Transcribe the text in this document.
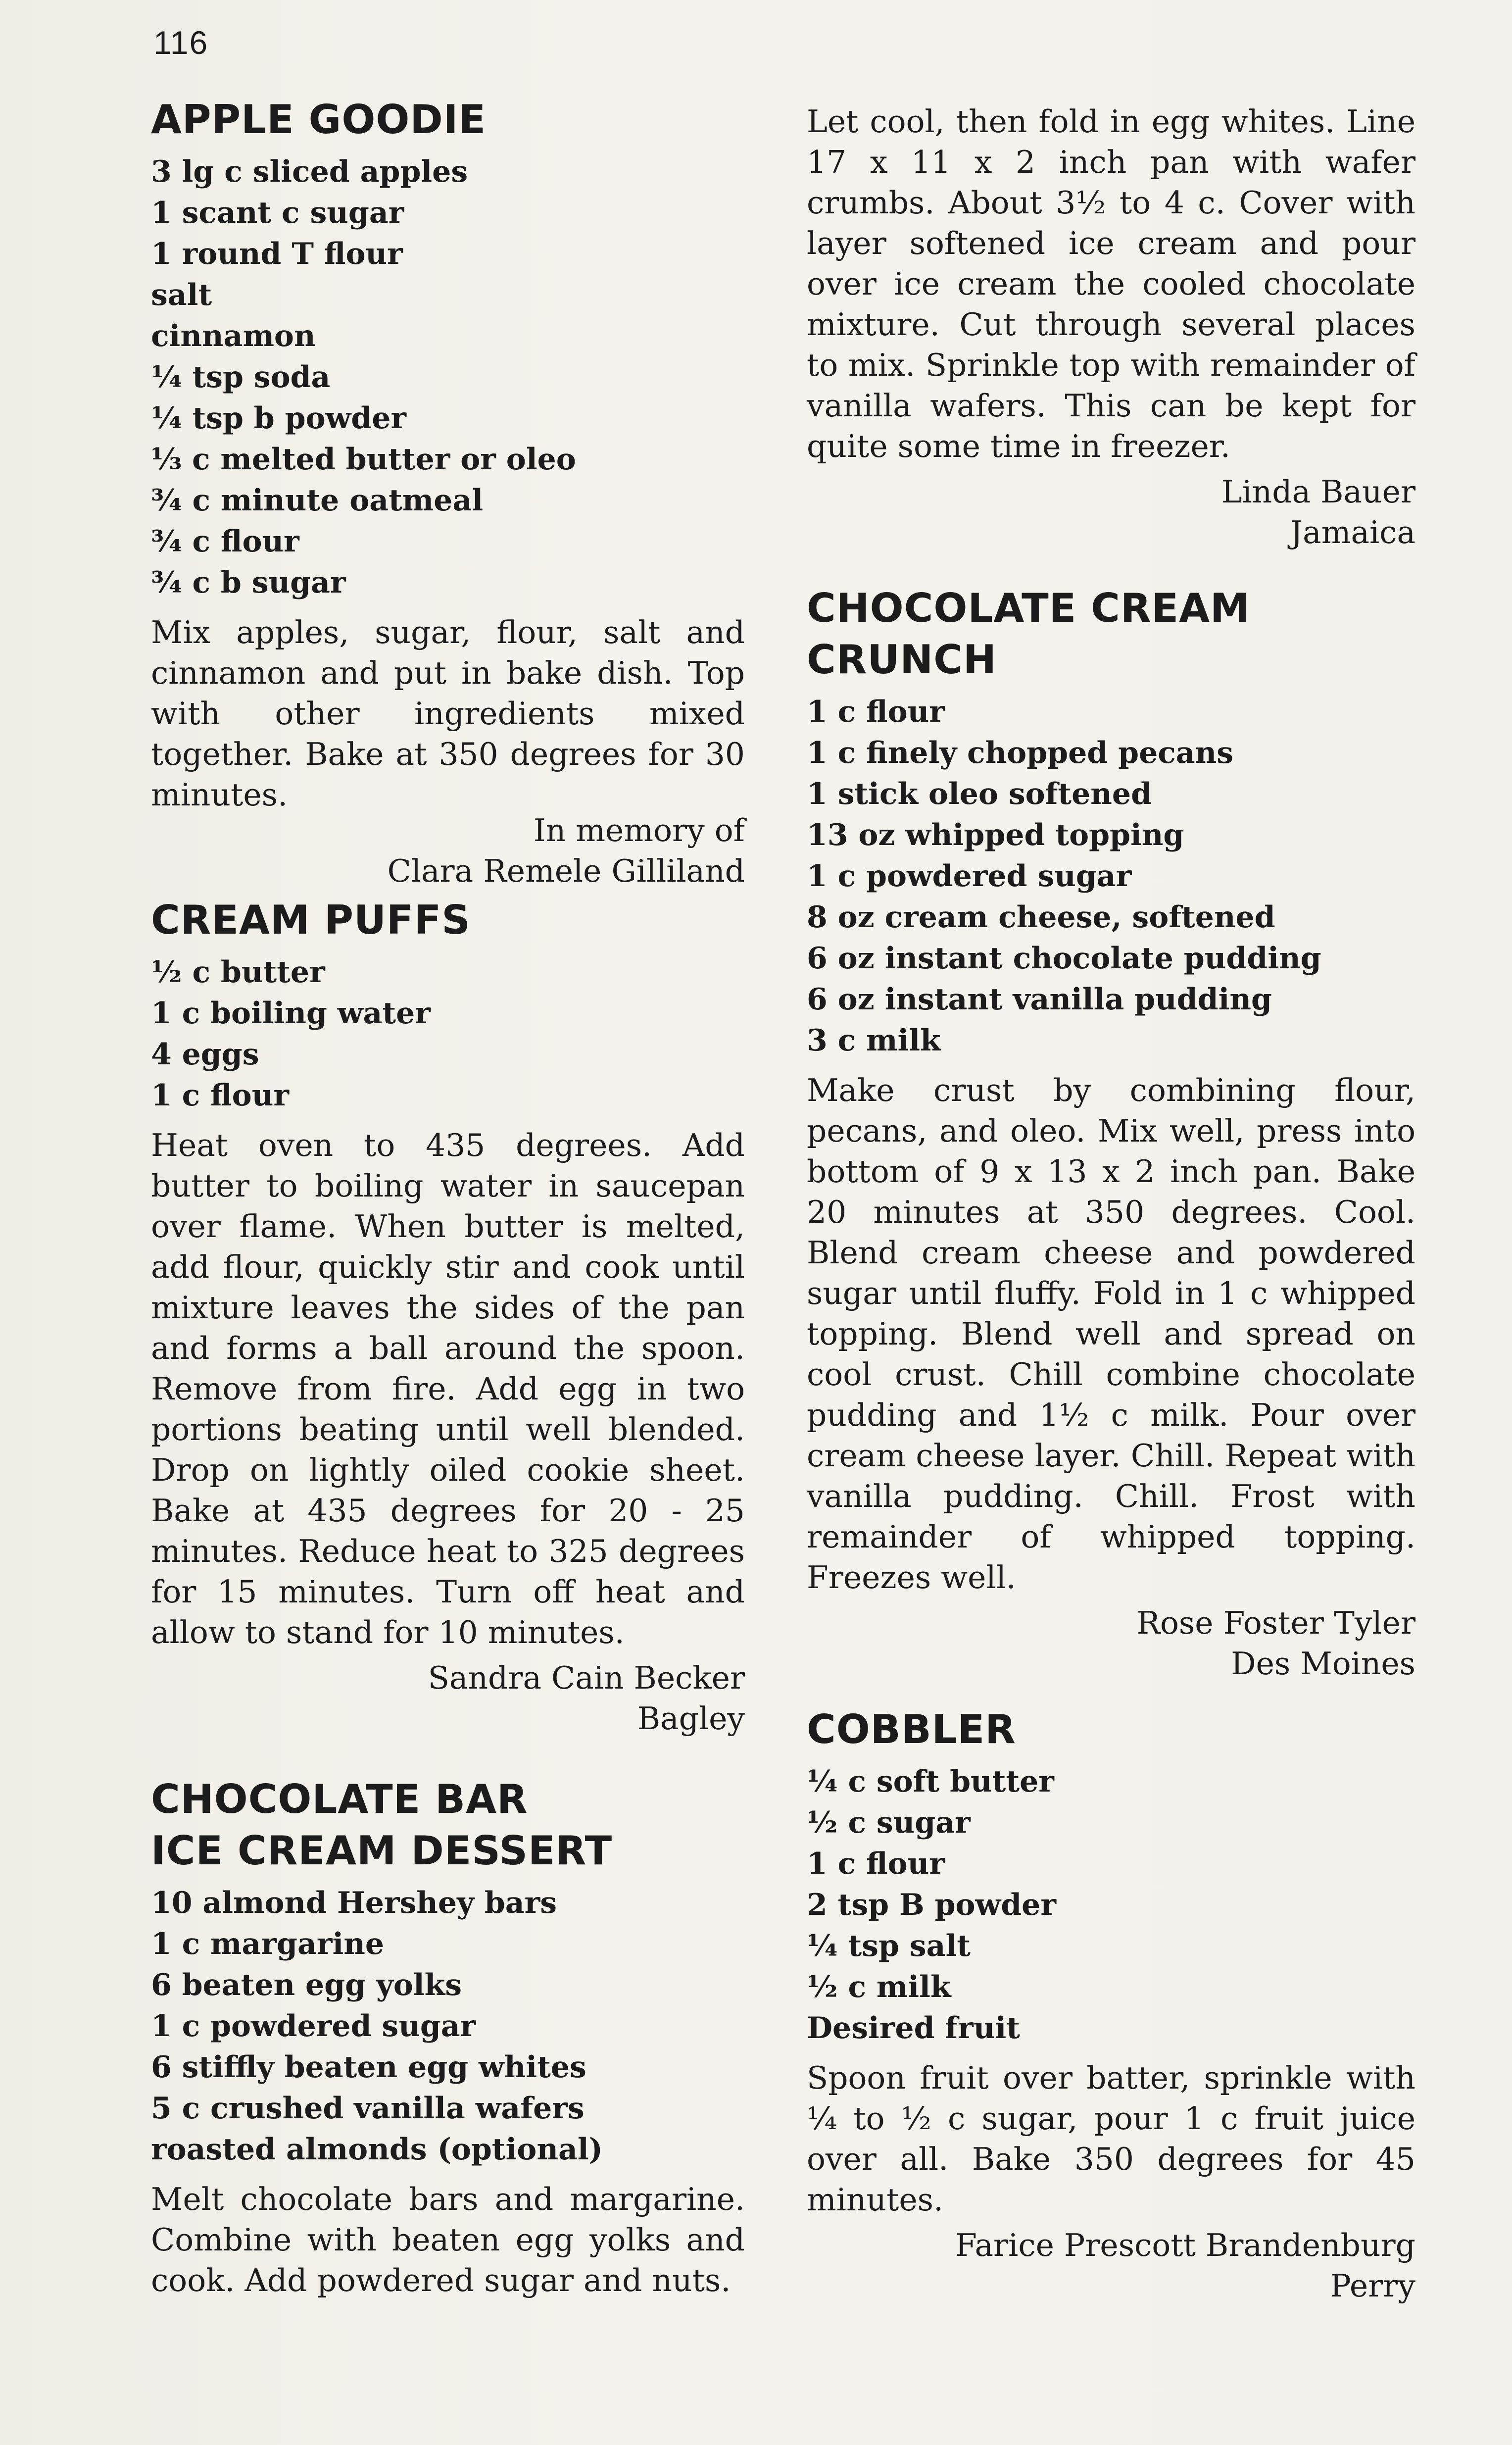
116
APPLE GOODIE
3 lg c sliced apples
1 scant c sugar
1 round T flour
salt
cinnamon
¼ tsp soda
¼ tsp b powder
⅓ c melted butter or oleo
¾ c minute oatmeal
¾ c flour
¾ c b sugar

Mix apples, sugar, flour, salt and cinnamon and put in bake dish. Top with other ingredients mixed together. Bake at 350 degrees for 30 minutes.

In memory of
Clara Remele Gilliland
CREAM PUFFS
½ c butter
1 c boiling water
4 eggs
1 c flour

Heat oven to 435 degrees. Add butter to boiling water in saucepan over flame. When butter is melted, add flour, quickly stir and cook until mixture leaves the sides of the pan and forms a ball around the spoon. Remove from fire. Add egg in two portions beating until well blended. Drop on lightly oiled cookie sheet. Bake at 435 degrees for 20 - 25 minutes. Reduce heat to 325 degrees for 15 minutes. Turn off heat and allow to stand for 10 minutes.

Sandra Cain Becker
Bagley
CHOCOLATE BAR
ICE CREAM DESSERT
10 almond Hershey bars
1 c margarine
6 beaten egg yolks
1 c powdered sugar
6 stiffly beaten egg whites
5 c crushed vanilla wafers
roasted almonds (optional)

Melt chocolate bars and margarine. Combine with beaten egg yolks and cook. Add powdered sugar and nuts.

Let cool, then fold in egg whites. Line 17 x 11 x 2 inch pan with wafer crumbs. About 3½ to 4 c. Cover with layer softened ice cream and pour over ice cream the cooled chocolate mixture. Cut through several places to mix. Sprinkle top with remainder of vanilla wafers. This can be kept for quite some time in freezer.

Linda Bauer
Jamaica
CHOCOLATE CREAM
CRUNCH
1 c flour
1 c finely chopped pecans
1 stick oleo softened
13 oz whipped topping
1 c powdered sugar
8 oz cream cheese, softened
6 oz instant chocolate pudding
6 oz instant vanilla pudding
3 c milk

Make crust by combining flour, pecans, and oleo. Mix well, press into bottom of 9 x 13 x 2 inch pan. Bake 20 minutes at 350 degrees. Cool. Blend cream cheese and powdered sugar until fluffy. Fold in 1 c whipped topping. Blend well and spread on cool crust. Chill combine chocolate pudding and 1½ c milk. Pour over cream cheese layer. Chill. Repeat with vanilla pudding. Chill. Frost with remainder of whipped topping. Freezes well.

Rose Foster Tyler
Des Moines
COBBLER
¼ c soft butter
½ c sugar
1 c flour
2 tsp B powder
¼ tsp salt
½ c milk
Desired fruit

Spoon fruit over batter, sprinkle with ¼ to ½ c sugar, pour 1 c fruit juice over all. Bake 350 degrees for 45 minutes.

Farice Prescott Brandenburg
Perry
